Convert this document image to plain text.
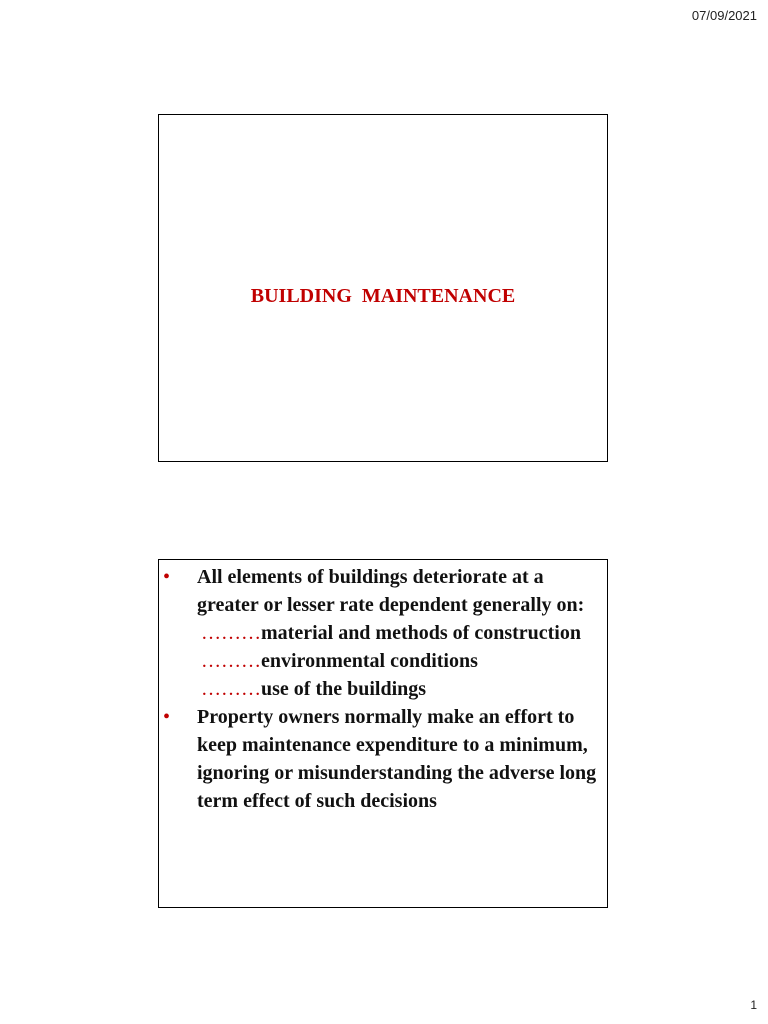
07/09/2021
BUILDING  MAINTENANCE
• All elements of buildings deteriorate at a greater or lesser rate dependent generally on:
………material and methods of construction
………environmental conditions
………use of the buildings
• Property owners normally make an effort to keep maintenance expenditure to a minimum, ignoring or misunderstanding the adverse long term effect of such decisions
1
